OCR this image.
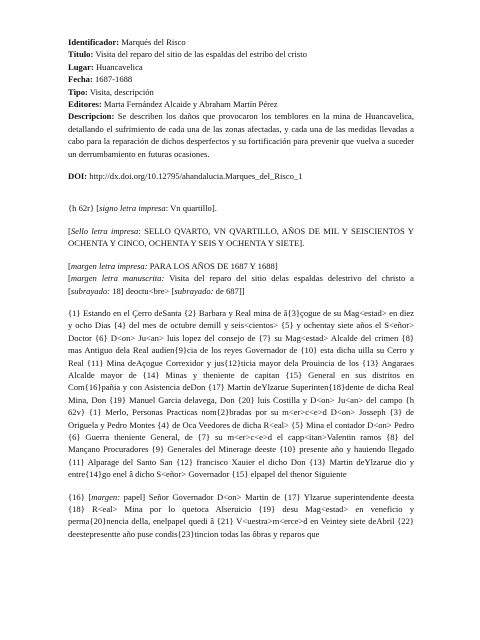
Identificador: Marqués del Risco

Título: Visita del reparo del sitio de las espaldas del estribo del cristo

Lugar: Huancavelica

Fecha: 1687-1688

Tipo: Visita, descripción

Editores: Marta Fernández Alcaide y Abraham Martín Pérez

Descripcion: Se describen los daños que provocaron los temblores en la mina de Huancavelica, detallando el sufrimiento de cada una de las zonas afectadas, y cada una de las medidas llevadas a cabo para la reparación de dichos desperfectos y su fortificación para prevenir que vuelva a suceder un derrumbamiento en futuras ocasiones.

DOI: http://dx.doi.org/10.12795/ahandalucia.Marques_del_Risco_1

{h 62r} [signo letra impresa: Vn quartillo].

[Sello letra impresa: SELLO QVARTO, VN QVARTILLO, AÑOS DE MIL Y SEISCIENTOS Y OCHENTA Y CINCO, OCHENTA Y SEIS Y OCHENTA Y SIETE].

[margen letra impresa: PARA LOS AÑOS DE 1687 Y 1688]
[margen letra manuscrita: Visita del reparo del sitio delas espaldas delestrivo del christo a [subrayado: 18] deoctu<bre> [subrayado: de 687]]

{1} Estando en el Çerro deSanta {2} Barbara y Real mina de â{3}çogue de su Mag<estad> en diez y ocho Dias {4} del mes de octubre demill y seis<cientos> {5} y ochentay siete años el S<eñor> Doctor {6} D<on> Ju<an> luis lopez del consejo de {7} su Mag<estad> Alcalde del crimen {8} mas Antiguo dela Real audien{9}cia de los reyes Governador de {10} esta dicha uilla su Cerro y Real {11} Mina deAçogue Correxidor y jus{12}ticia mayor dela Prouincia de los {13} Angaraes Alcalde mayor de {14} Minas y theniente de capitan {15} General en sus distritos en Com{16}pañia y con Asistencia deDon {17} Martin deYlzarue Superinten{18}dente de dicha Real Mina, Don {19} Manuel Garcia delavega, Don {20} luis Costilla y D<on> Ju<an> del campo {h 62v} {1} Merlo, Personas Practicas nom{2}bradas por su m<er>c<e>d D<on> Josseph {3} de Origuela y Pedro Montes {4} de Oca Veedores de dicha R<eal> {5} Mina el contador D<on> Pedro {6} Guerra theniente General, de {7} su m<er>c<e>d el capp<itan>Valentin ramos {8} del Mançano Procuradores {9} Generales del Minerage deeste {10} presente año y hauiendo llegado {11} Alparage del Santo San {12} francisco Xauier el dicho Don {13} Martin deYlzarue dio y entre{14}go enel â dicho S<eñor> Governador {15} elpapel del thenor Siguiente

{16} [margen: papel] Señor Governador D<on> Martin de {17} Ylzarue superintendente deesta {18} R<eal> Mina por lo quetoca Alseruicio {19} desu Mag<estad> en veneficio y perma{20}nencia della, enelpapel quedi â {21} V<uestra>m<erce>d en Veintey siete deAbril {22} deestepresentte año puse condis{23}tincion todas las ôbras y reparos que
